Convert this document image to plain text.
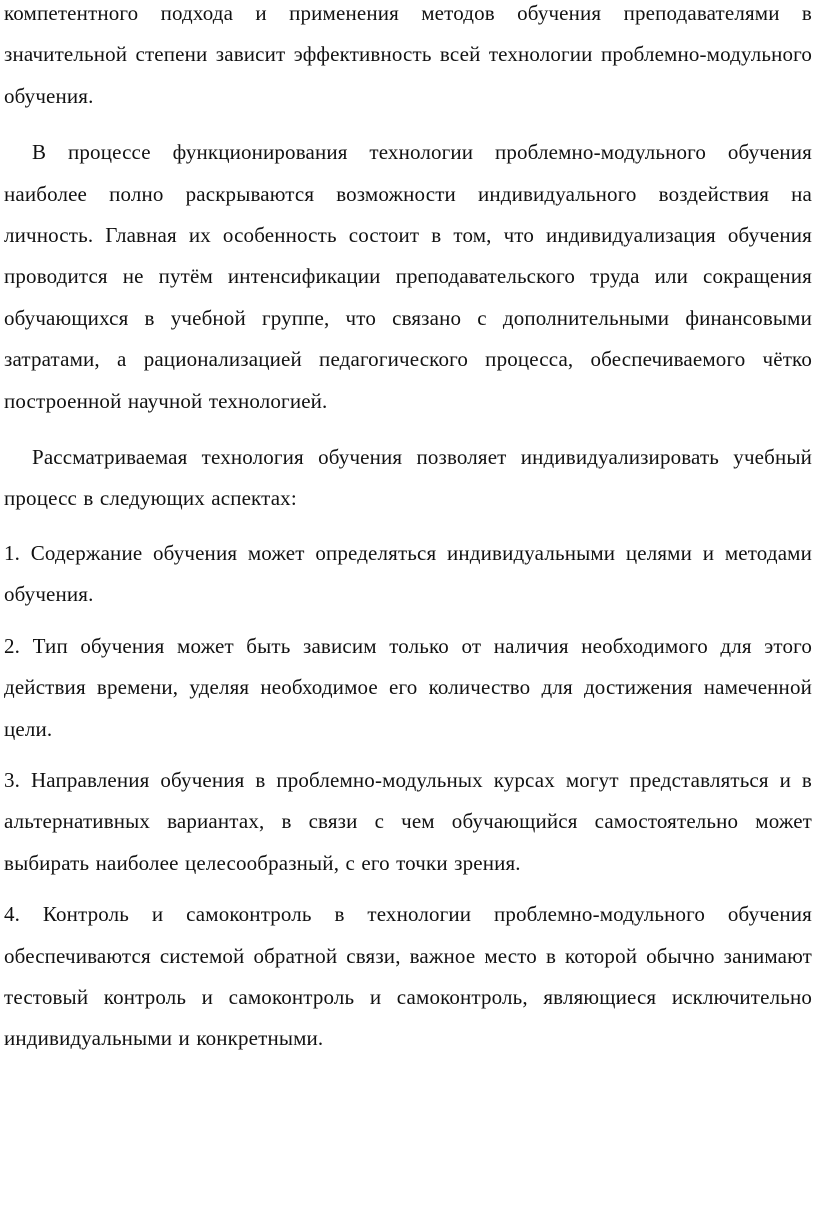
компетентного подхода и применения методов обучения преподавателями в значительной степени зависит эффективность всей технологии проблемно-модульного обучения.

В процессе функционирования технологии проблемно-модульного обучения наиболее полно раскрываются возможности индивидуального воздействия на личность. Главная их особенность состоит в том, что индивидуализация обучения проводится не путём интенсификации преподавательского труда или сокращения обучающихся в учебной группе, что связано с дополнительными финансовыми затратами, а рационализацией педагогического процесса, обеспечиваемого чётко построенной научной технологией.

Рассматриваемая технология обучения позволяет индивидуализировать учебный процесс в следующих аспектах:

1. Содержание обучения может определяться индивидуальными целями и методами обучения.

2. Тип обучения может быть зависим только от наличия необходимого для этого действия времени, уделяя необходимое его количество для достижения намеченной цели.

3. Направления обучения в проблемно-модульных курсах могут представляться и в альтернативных вариантах, в связи с чем обучающийся самостоятельно может выбирать наиболее целесообразный, с его точки зрения.

4. Контроль и самоконтроль в технологии проблемно-модульного обучения обеспечиваются системой обратной связи, важное место в которой обычно занимают тестовый контроль и самоконтроль и самоконтроль, являющиеся исключительно индивидуальными и конкретными.
